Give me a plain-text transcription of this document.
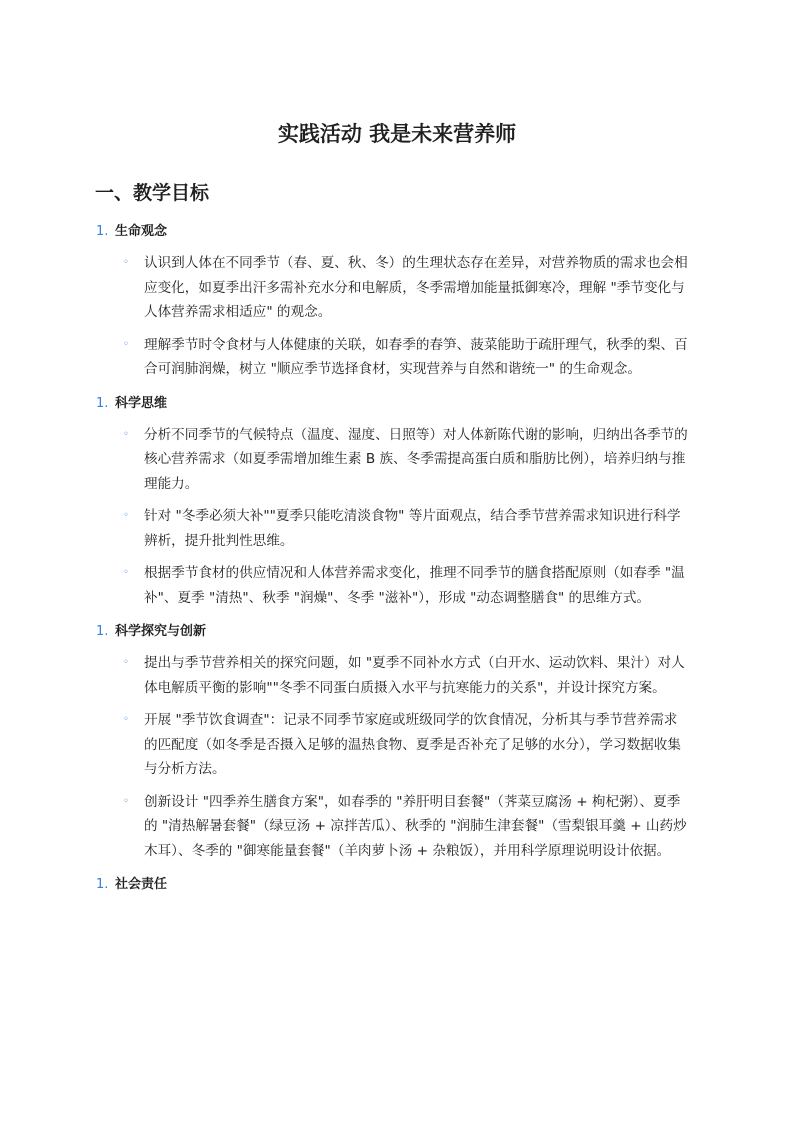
实践活动 我是未来营养师
一、教学目标

1. 生命观念

◦ 认识到人体在不同季节（春、夏、秋、冬）的生理状态存在差异，对营养物质的需求也会相应变化，如夏季出汗多需补充水分和电解质，冬季需增加能量抵御寒冷，理解 "季节变化与人体营养需求相适应" 的观念。
◦ 理解季节时令食材与人体健康的关联，如春季的春笋、菠菜能助于疏肝理气，秋季的梨、百合可润肺润燥，树立 "顺应季节选择食材，实现营养与自然和谐统一" 的生命观念。

1. 科学思维

◦ 分析不同季节的气候特点（温度、湿度、日照等）对人体新陈代谢的影响，归纳出各季节的核心营养需求（如夏季需增加维生素 B 族、冬季需提高蛋白质和脂肪比例），培养归纳与推理能力。
◦ 针对 "冬季必须大补""夏季只能吃清淡食物" 等片面观点，结合季节营养需求知识进行科学辨析，提升批判性思维。
◦ 根据季节食材的供应情况和人体营养需求变化，推理不同季节的膳食搭配原则（如春季 "温补"、夏季 "清热"、秋季 "润燥"、冬季 "滋补"），形成 "动态调整膳食" 的思维方式。

1. 科学探究与创新

◦ 提出与季节营养相关的探究问题，如 "夏季不同补水方式（白开水、运动饮料、果汁）对人体电解质平衡的影响""冬季不同蛋白质摄入水平与抗寒能力的关系"，并设计探究方案。
◦ 开展 "季节饮食调查"：记录不同季节家庭或班级同学的饮食情况，分析其与季节营养需求的匹配度（如冬季是否摄入足够的温热食物、夏季是否补充了足够的水分），学习数据收集与分析方法。
◦ 创新设计 "四季养生膳食方案"，如春季的 "养肝明目套餐"（荠菜豆腐汤 + 枸杞粥）、夏季的 "清热解暑套餐"（绿豆汤 + 凉拌苦瓜）、秋季的 "润肺生津套餐"（雪梨银耳羹 + 山药炒木耳）、冬季的 "御寒能量套餐"（羊肉萝卜汤 + 杂粮饭），并用科学原理说明设计依据。

1. 社会责任
